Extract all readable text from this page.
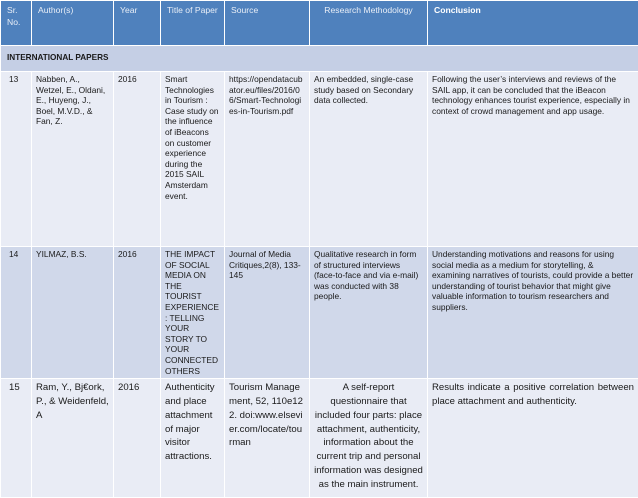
Sr. No.	Author(s)	Year	Title of Paper	Source	Research Methodology	Conclusion
INTERNATIONAL PAPERS						
13	Nabben, A., Wetzel, E., Oldani, E., Huyeng, J., Boel, M.V.D., & Fan, Z.	2016	Smart Technologies in Tourism : Case study on the influence of iBeacons on customer experience during the 2015 SAIL Amsterdam event.	https://opendatacubator.eu/files/2016/06/Smart-Technologies-in-Tourism.pdf	An embedded, single-case study based on Secondary data collected.	Following the user’s interviews and reviews of the SAIL app, it can be concluded that the iBeacon technology enhances tourist experience, especially in context of crowd management and app usage.
14	YILMAZ, B.S.	2016	THE IMPACT OF SOCIAL MEDIA ON THE TOURIST EXPERIENCE: TELLING YOUR STORY TO YOUR CONNECTED OTHERS	Journal of Media Critiques,2(8), 133-145	Qualitative research in form of structured interviews (face-to-face and via e-mail) was conducted with 38 people.	Understanding motivations and reasons for using social media as a medium for storytelling, & examining narratives of tourists, could provide a better understanding of tourist behavior that might give valuable information to tourism researchers and suppliers.
15	Ram, Y., Bj€ork, P., & Weidenfeld, A	2016	Authenticity and place attachment of major visitor attractions.	Tourism Management, 52, 110e122. doi:www.elsevier.com/locate/tourman	A self-report questionnaire that included four parts: place attachment, authenticity, information about the current trip and personal information was designed as the main instrument.	Results indicate a positive correlation between place attachment and authenticity.
